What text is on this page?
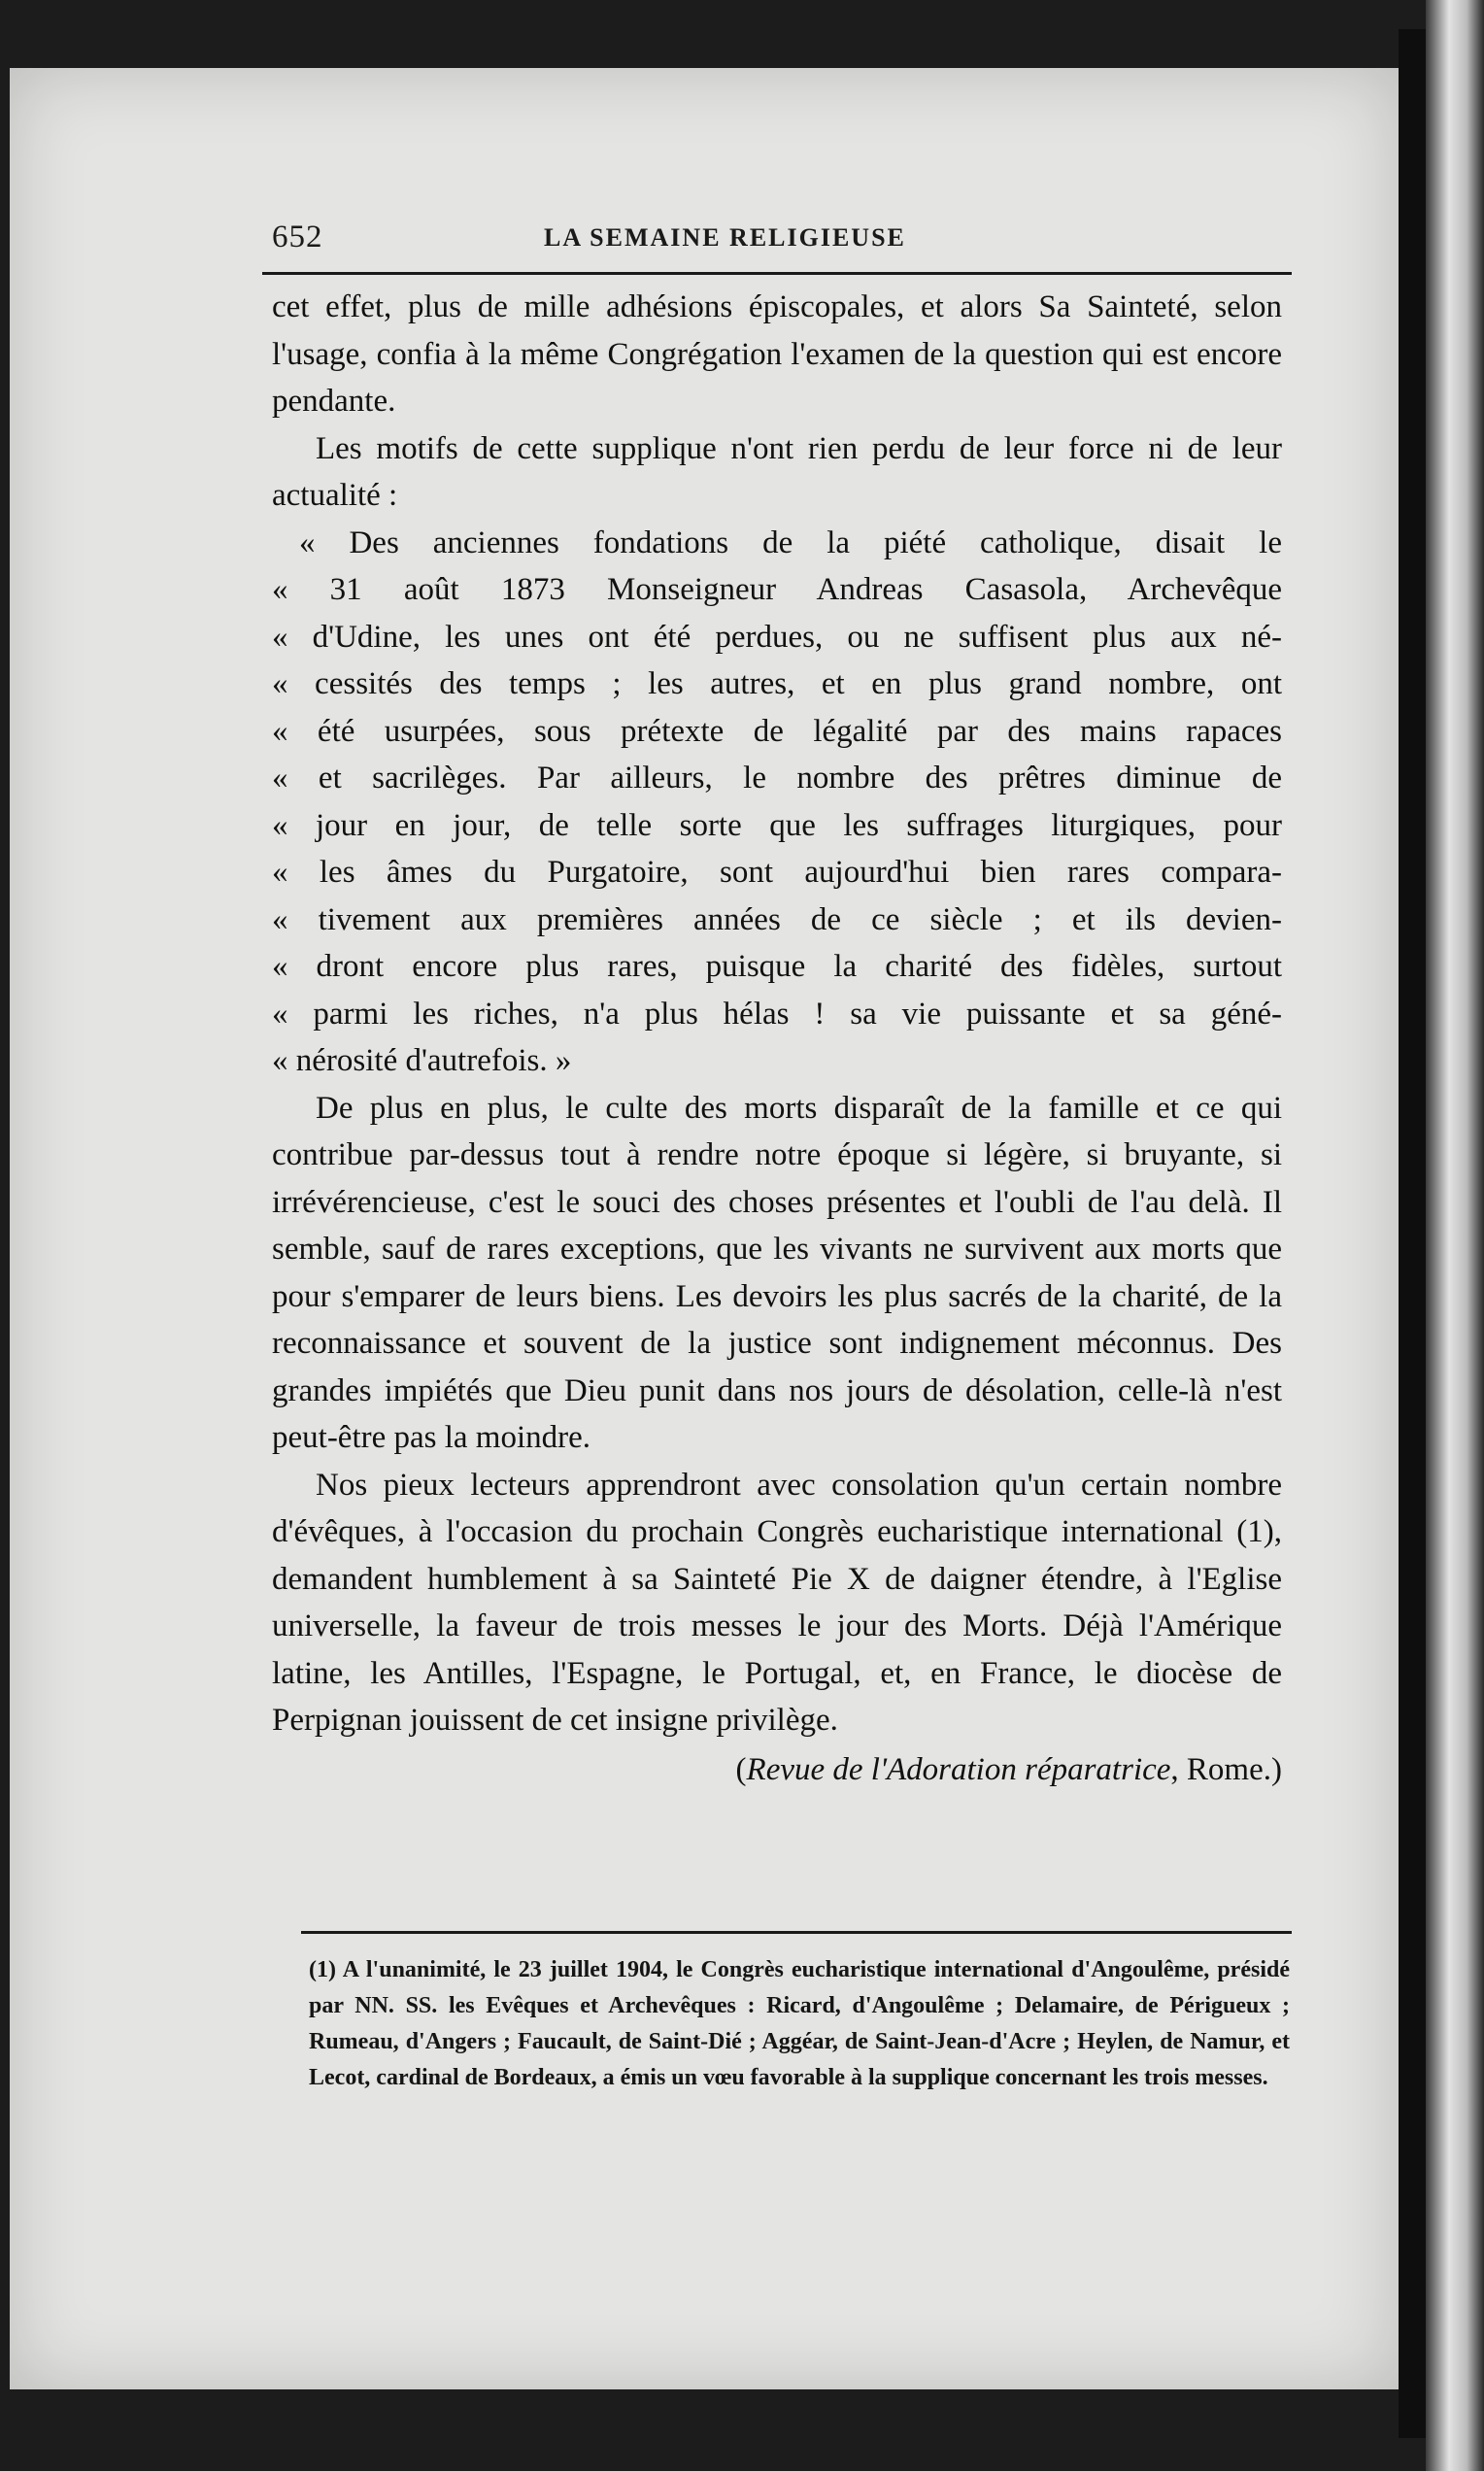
652	LA SEMAINE RELIGIEUSE

cet effet, plus de mille adhésions épiscopales, et alors Sa Sainteté, selon l'usage, confia à la même Congrégation l'examen de la question qui est encore pendante.

Les motifs de cette supplique n'ont rien perdu de leur force ni de leur actualité :

« Des anciennes fondations de la piété catholique, disait le

« 31 août 1873 Monseigneur Andreas Casasola, Archevêque

« d'Udine, les unes ont été perdues, ou ne suffisent plus aux né-

« cessités des temps ; les autres, et en plus grand nombre, ont

« été usurpées, sous prétexte de légalité par des mains rapaces

« et sacrilèges. Par ailleurs, le nombre des prêtres diminue de

« jour en jour, de telle sorte que les suffrages liturgiques, pour

« les âmes du Purgatoire, sont aujourd'hui bien rares compara-

« tivement aux premières années de ce siècle ; et ils devien-

« dront encore plus rares, puisque la charité des fidèles, surtout

« parmi les riches, n'a plus hélas ! sa vie puissante et sa géné-

« nérosité d'autrefois. »

De plus en plus, le culte des morts disparaît de la famille et ce qui contribue par-dessus tout à rendre notre époque si légère, si bruyante, si irrévérencieuse, c'est le souci des choses présentes et l'oubli de l'au delà. Il semble, sauf de rares exceptions, que les vivants ne survivent aux morts que pour s'emparer de leurs biens. Les devoirs les plus sacrés de la charité, de la reconnaissance et souvent de la justice sont indignement méconnus. Des grandes impiétés que Dieu punit dans nos jours de désolation, celle-là n'est peut-être pas la moindre.

Nos pieux lecteurs apprendront avec consolation qu'un certain nombre d'évêques, à l'occasion du prochain Congrès eucharistique international (1), demandent humblement à sa Sainteté Pie X de daigner étendre, à l'Eglise universelle, la faveur de trois messes le jour des Morts. Déjà l'Amérique latine, les Antilles, l'Espagne, le Portugal, et, en France, le diocèse de Perpignan jouissent de cet insigne privilège.

(Revue de l'Adoration réparatrice, Rome.)

(1) A l'unanimité, le 23 juillet 1904, le Congrès eucharistique international d'Angoulême, présidé par NN. SS. les Evêques et Archevêques : Ricard, d'Angoulême ; Delamaire, de Périgueux ; Rumeau, d'Angers ; Faucault, de Saint-Dié ; Aggéar, de Saint-Jean-d'Acre ; Heylen, de Namur, et Lecot, cardinal de Bordeaux, a émis un vœu favorable à la supplique concernant les trois messes.
